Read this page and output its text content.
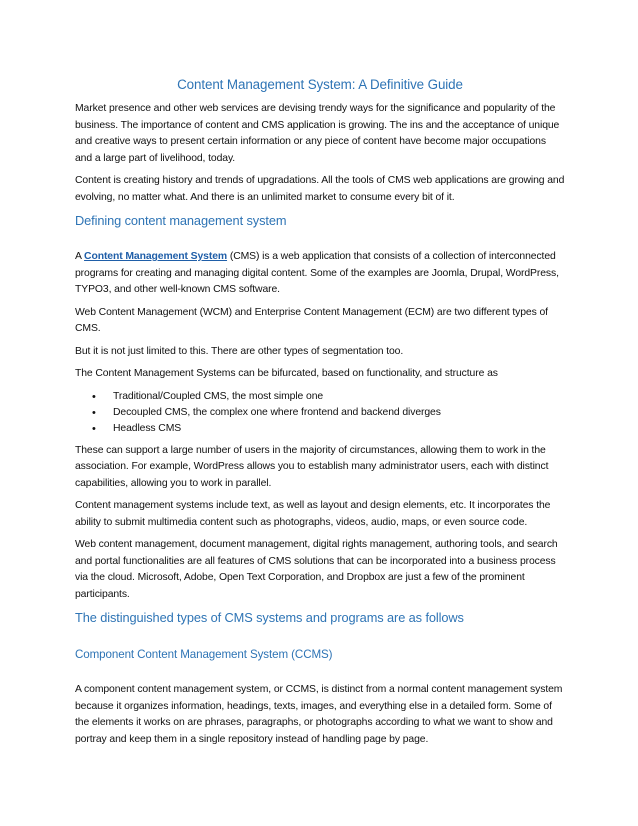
Content Management System: A Definitive Guide

Market presence and other web services are devising trendy ways for the significance and popularity of the business. The importance of content and CMS application is growing. The ins and the acceptance of unique and creative ways to present certain information or any piece of content have become major occupations and a large part of livelihood, today.

Content is creating history and trends of upgradations. All the tools of CMS web applications are growing and evolving, no matter what. And there is an unlimited market to consume every bit of it.

Defining content management system

A Content Management System (CMS) is a web application that consists of a collection of interconnected programs for creating and managing digital content. Some of the examples are Joomla, Drupal, WordPress, TYPO3, and other well-known CMS software.

Web Content Management (WCM) and Enterprise Content Management (ECM) are two different types of CMS.

But it is not just limited to this. There are other types of segmentation too.

The Content Management Systems can be bifurcated, based on functionality, and structure as

• Traditional/Coupled CMS, the most simple one
• Decoupled CMS, the complex one where frontend and backend diverges
• Headless CMS

These can support a large number of users in the majority of circumstances, allowing them to work in the association. For example, WordPress allows you to establish many administrator users, each with distinct capabilities, allowing you to work in parallel.

Content management systems include text, as well as layout and design elements, etc. It incorporates the ability to submit multimedia content such as photographs, videos, audio, maps, or even source code.

Web content management, document management, digital rights management, authoring tools, and search and portal functionalities are all features of CMS solutions that can be incorporated into a business process via the cloud. Microsoft, Adobe, Open Text Corporation, and Dropbox are just a few of the prominent participants.

The distinguished types of CMS systems and programs are as follows
Component Content Management System (CCMS)

A component content management system, or CCMS, is distinct from a normal content management system because it organizes information, headings, texts, images, and everything else in a detailed form. Some of the elements it works on are phrases, paragraphs, or photographs according to what we want to show and portray and keep them in a single repository instead of handling page by page.
